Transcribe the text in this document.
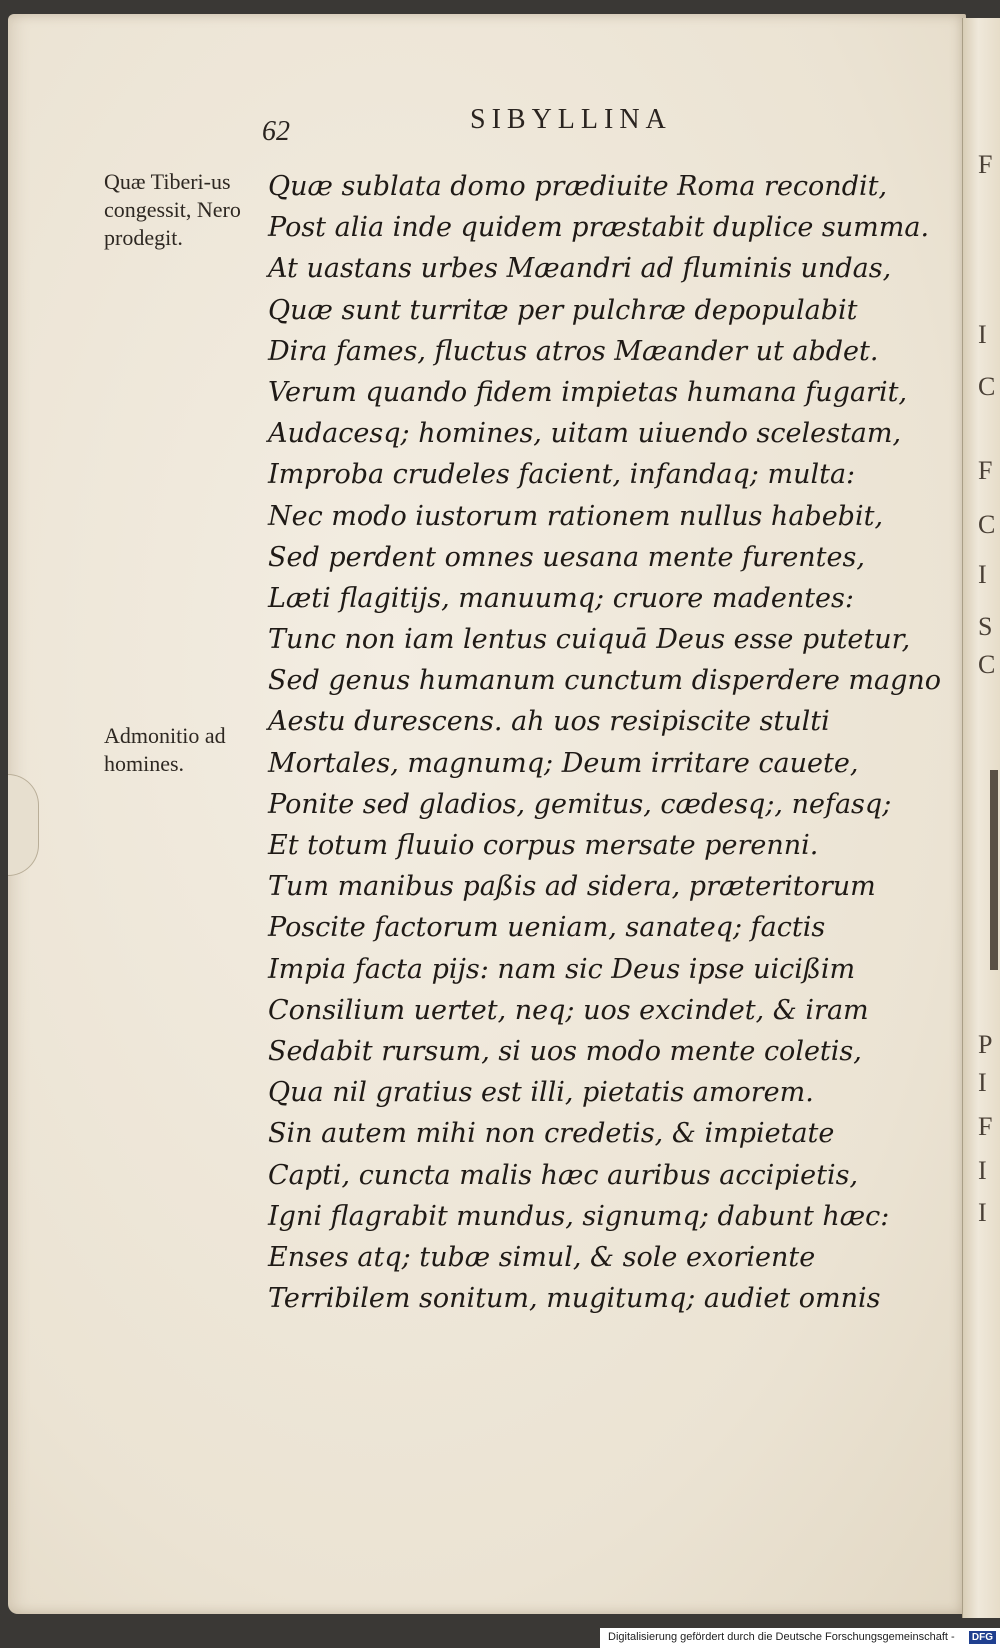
F
I
C
F
C
I
S
C
P
I
F
I
I
62	SIBYLLINA
Quæ Tiberi-us congessit, Nero prodegit.
Admonitio ad homines.
Quæ sublata domo prædiuite Roma recondit,
Post alia inde quidem præstabit duplice summa.
At uastans urbes Mæandri ad fluminis undas,
Quæ sunt turritæ per pulchræ depopulabit
Dira fames, fluctus atros Mæander ut abdet.
Verum quando fidem impietas humana fugarit,
Audacesq; homines, uitam uiuendo scelestam,
Improba crudeles facient, infandaq; multa:
Nec modo iustorum rationem nullus habebit,
Sed perdent omnes uesana mente furentes,
Læti flagitijs, manuumq; cruore madentes:
Tunc non iam lentus cuiquā Deus esse putetur,
Sed genus humanum cunctum disperdere magno
Aestu durescens. ah uos resipiscite stulti
Mortales, magnumq; Deum irritare cauete,
Ponite sed gladios, gemitus, cædesq;, nefasq;
Et totum fluuio corpus mersate perenni.
Tum manibus paßis ad sidera, præteritorum
Poscite factorum ueniam, sanateq; factis
Impia facta pijs: nam sic Deus ipse uicißim
Consilium uertet, neq; uos excindet, & iram
Sedabit rursum, si uos modo mente coletis,
Qua nil gratius est illi, pietatis amorem.
Sin autem mihi non credetis, & impietate
Capti, cuncta malis hæc auribus accipietis,
Igni flagrabit mundus, signumq; dabunt hæc:
Enses atq; tubæ simul, & sole exoriente
Terribilem sonitum, mugitumq; audiet omnis
Digitalisierung gefördert durch die Deutsche Forschungsgemeinschaft -	DFG
